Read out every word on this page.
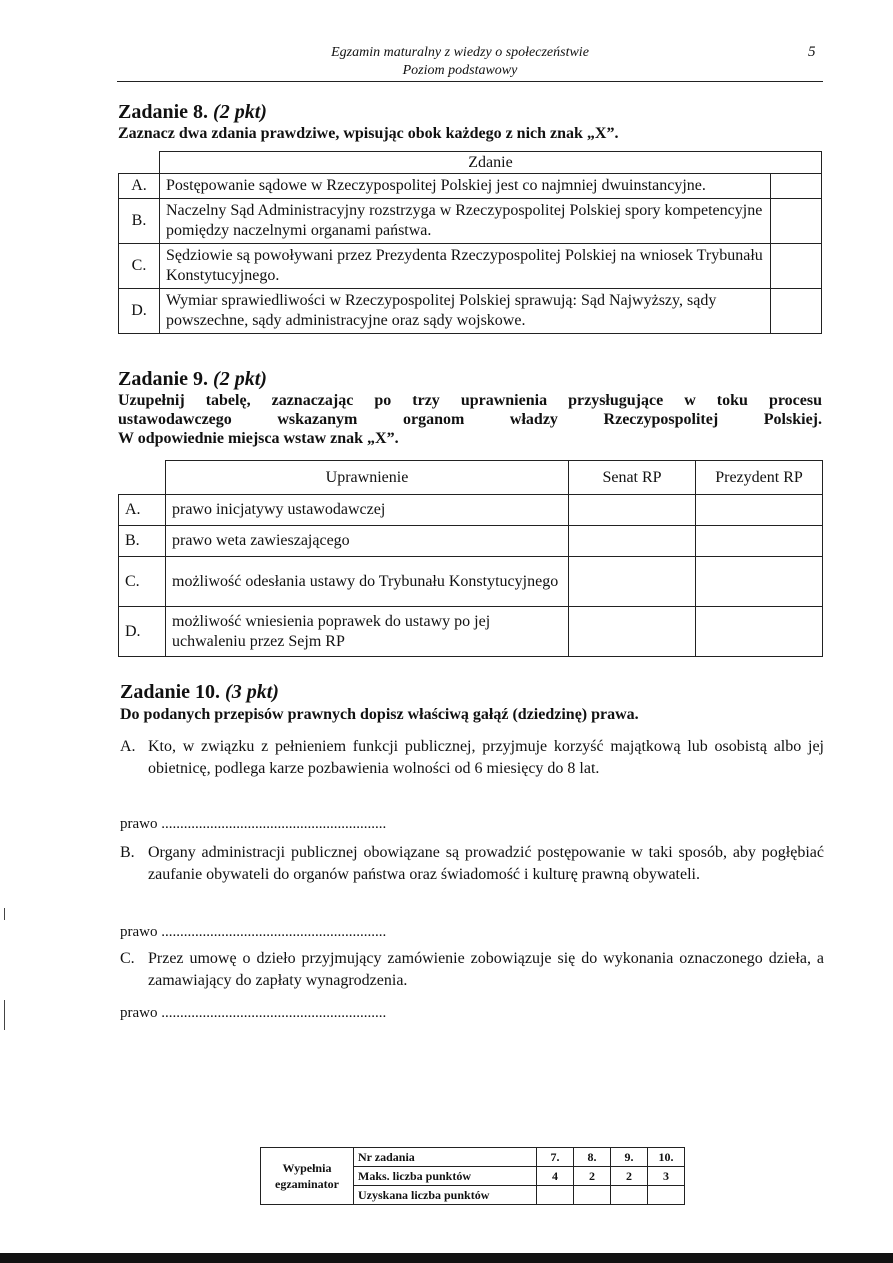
Egzamin maturalny z wiedzy o społeczeństwie
Poziom podstawowy
5
Zadanie 8. (2 pkt)
Zaznacz dwa zdania prawdziwe, wpisując obok każdego z nich znak „X”.
	Zdanie	
A.	Postępowanie sądowe w Rzeczypospolitej Polskiej jest co najmniej dwuinstancyjne.	
B.	Naczelny Sąd Administracyjny rozstrzyga w Rzeczypospolitej Polskiej spory kompetencyjne pomiędzy naczelnymi organami państwa.	
C.	Sędziowie są powoływani przez Prezydenta Rzeczypospolitej Polskiej na wniosek Trybunału Konstytucyjnego.	
D.	Wymiar sprawiedliwości w Rzeczypospolitej Polskiej sprawują: Sąd Najwyższy, sądy powszechne, sądy administracyjne oraz sądy wojskowe.	
Zadanie 9. (2 pkt)
Uzupełnij tabelę, zaznaczając po trzy uprawnienia przysługujące w toku procesu
ustawodawczego wskazanym organom władzy Rzeczypospolitej Polskiej.
W odpowiednie miejsca wstaw znak „X”.
	Uprawnienie	Senat RP	Prezydent RP
A.	prawo inicjatywy ustawodawczej		
B.	prawo weta zawieszającego		
C.	możliwość odesłania ustawy do Trybunału Konstytucyjnego		
D.	możliwość wniesienia poprawek do ustawy po jej uchwaleniu przez Sejm RP		
Zadanie 10. (3 pkt)
Do podanych przepisów prawnych dopisz właściwą gałąź (dziedzinę) prawa.
A. Kto, w związku z pełnieniem funkcji publicznej, przyjmuje korzyść majątkową lub osobistą albo jej obietnicę, podlega karze pozbawienia wolności od 6 miesięcy do 8 lat.
prawo ............................................................
B. Organy administracji publicznej obowiązane są prowadzić postępowanie w taki sposób, aby pogłębiać zaufanie obywateli do organów państwa oraz świadomość i kulturę prawną obywateli.
prawo ............................................................
C. Przez umowę o dzieło przyjmujący zamówienie zobowiązuje się do wykonania oznaczonego dzieła, a zamawiający do zapłaty wynagrodzenia.
prawo ............................................................
Wypełnia egzaminator	Nr zadania	7.	8.	9.	10.
	Maks. liczba punktów	4	2	2	3
	Uzyskana liczba punktów				
